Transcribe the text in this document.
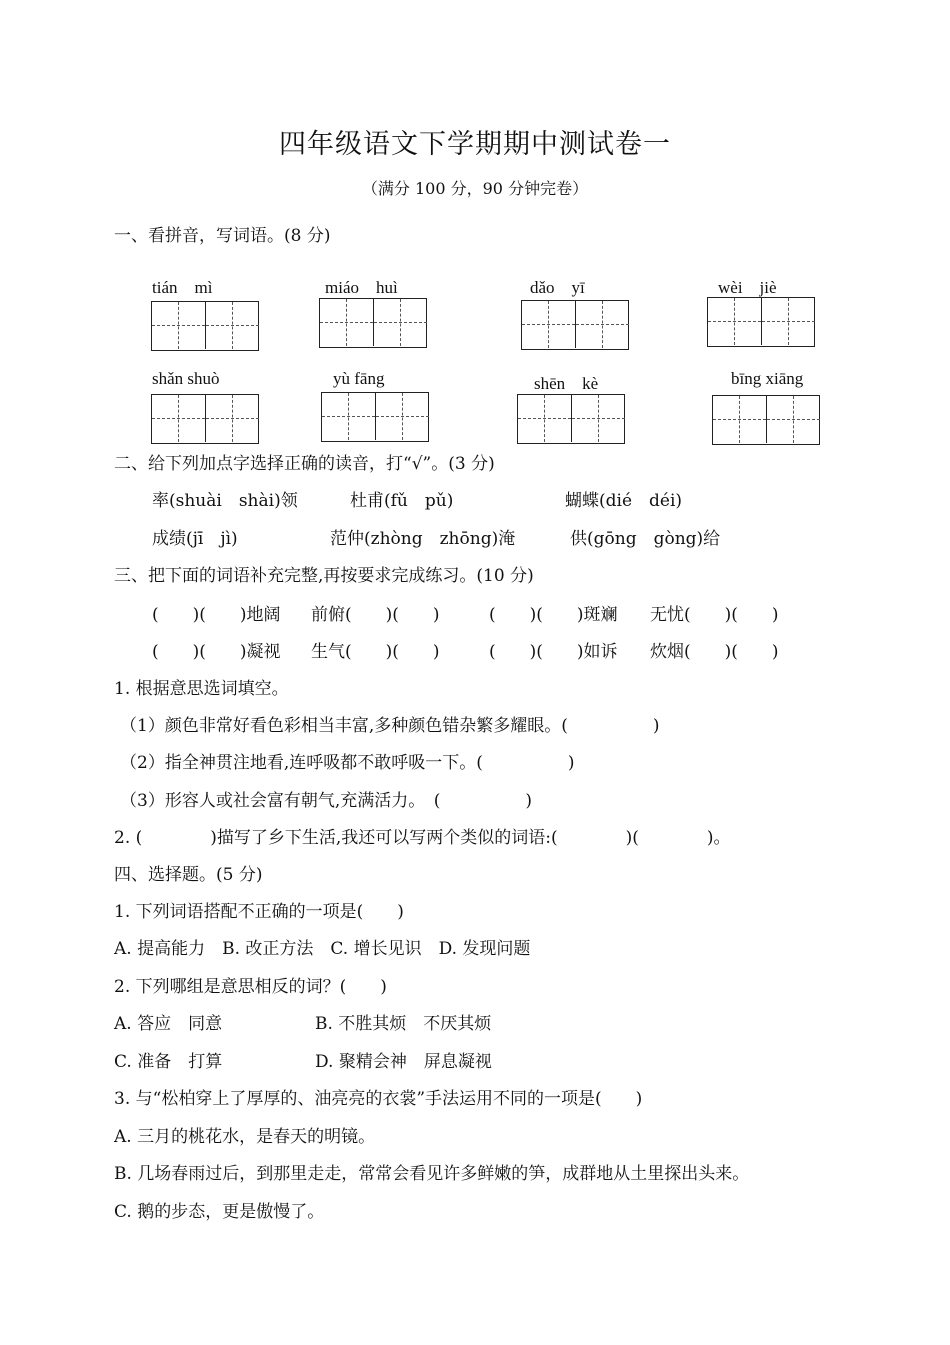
四年级语文下学期期中测试卷一
（满分 100 分，90 分钟完卷）
一、看拼音，写词语。(8 分)
tián　mì	miáo　huì	dǎo　yī	wèi　jiè
shǎn shuò	yù fāng	shēn　kè	bīng xiāng
二、给下列加点字选择正确的读音，打“√”。(3 分)
率(shuài　shài)领	杜甫(fǔ　pǔ)	蝴蝶(dié　déi)
成绩(jī　jì)	范仲(zhòng　zhōng)淹	供(gōng　gòng)给
三、把下面的词语补充完整,再按要求完成练习。(10 分)
(　　)(　　)地阔 前俯(　　)(　　)	(　　)(　　)斑斓 无忧(　　)(　　)
(　　)(　　)凝视 生气(　　)(　　)	(　　)(　　)如诉 炊烟(　　)(　　)
1. 根据意思选词填空。
（1）颜色非常好看色彩相当丰富,多种颜色错杂繁多耀眼。(　　　　　)
（2）指全神贯注地看,连呼吸都不敢呼吸一下。(　　　　　)
（3）形容人或社会富有朝气,充满活力。　(　　　　　)
2. (　　　　)描写了乡下生活,我还可以写两个类似的词语:(　　　　)(　　　　)。
四、选择题。(5 分)
1. 下列词语搭配不正确的一项是(　　)
A. 提高能力　B. 改正方法　C. 增长见识　D. 发现问题
2. 下列哪组是意思相反的词？(　　)
A. 答应　同意	B. 不胜其烦　不厌其烦
C. 准备　打算	D. 聚精会神　屏息凝视
3. 与“松柏穿上了厚厚的、油亮亮的衣裳”手法运用不同的一项是(　　)
A. 三月的桃花水，是春天的明镜。
B. 几场春雨过后，到那里走走，常常会看见许多鲜嫩的笋，成群地从土里探出头来。
C. 鹅的步态，更是傲慢了。
